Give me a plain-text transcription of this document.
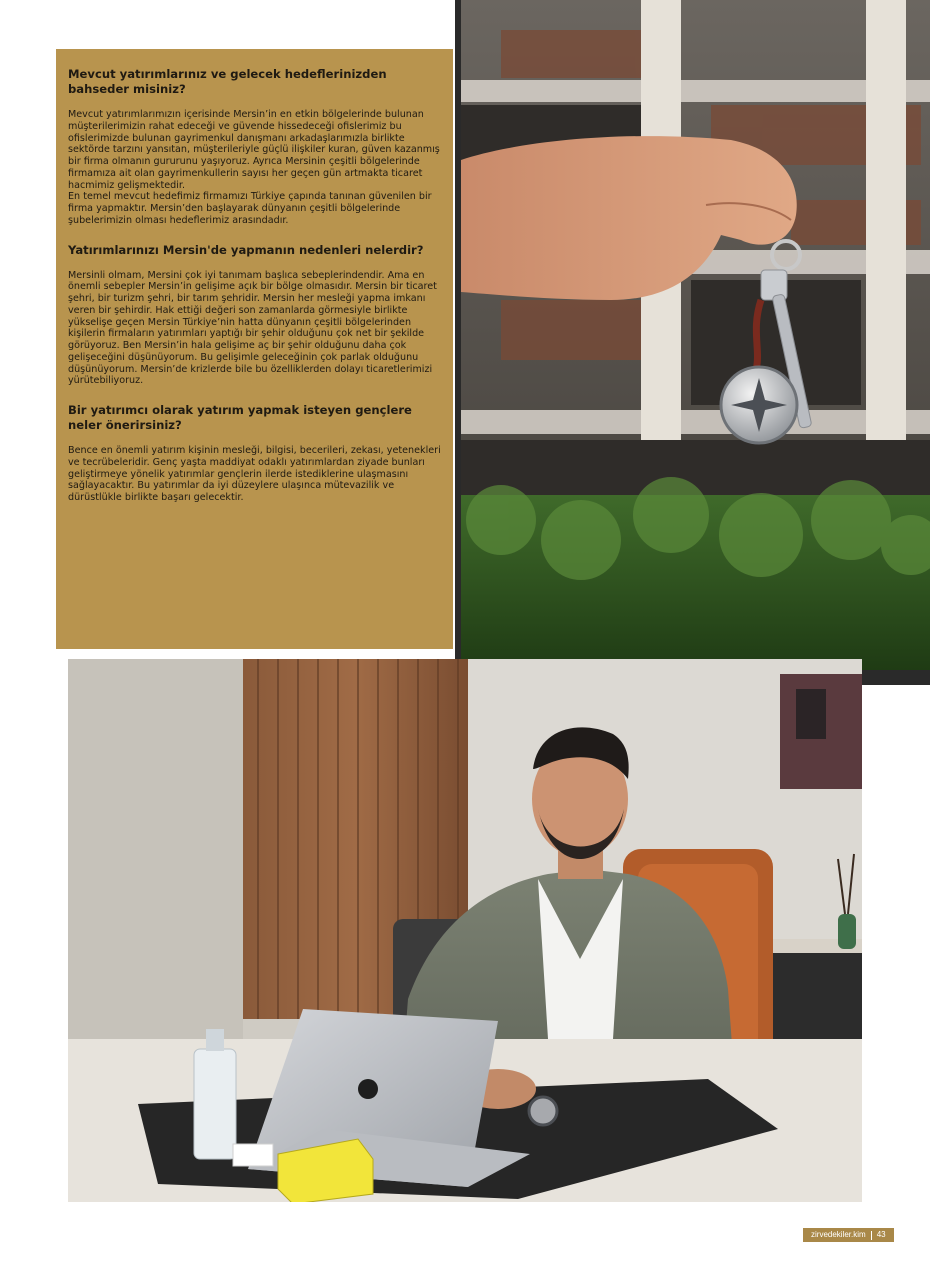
Mevcut yatırımlarınız ve gelecek hedeflerinizden bahseder misiniz?

Mevcut yatırımlarımızın içerisinde Mersin’in en etkin bölgelerinde bulunan müşterilerimizin rahat edeceği ve güvende hissedeceği ofislerimiz bu ofislerimizde bulunan gayrimenkul danışmanı arkadaşlarımızla birlikte sektörde tarzını yansıtan, müşterileriyle güçlü ilişkiler kuran, güven kazanmış bir firma olmanın gururunu yaşıyoruz. Ayrıca Mersinin çeşitli bölgelerinde firmamıza ait olan gayrimenkullerin sayısı her geçen gün artmakta ticaret hacmimiz gelişmektedir.
En temel mevcut hedefimiz firmamızı Türkiye çapında tanınan güvenilen bir firma yapmaktır. Mersin’den başlayarak dünyanın çeşitli bölgelerinde şubelerimizin olması hedeflerimiz arasındadır.

Yatırımlarınızı Mersin'de yapmanın nedenleri nelerdir?

Mersinli olmam, Mersini çok iyi tanımam başlıca sebeplerindendir. Ama en önemli sebepler Mersin’in gelişime açık bir bölge olmasıdır. Mersin bir ticaret şehri, bir turizm şehri, bir tarım şehridir. Mersin her mesleği yapma imkanı veren bir şehirdir. Hak ettiği değeri son zamanlarda görmesiyle birlikte yükselişe geçen Mersin Türkiye’nin hatta dünyanın çeşitli bölgelerinden kişilerin firmaların yatırımları yaptığı bir şehir olduğunu çok net bir şekilde görüyoruz. Ben Mersin’in hala gelişime aç bir şehir olduğunu daha çok gelişeceğini düşünüyorum. Bu gelişimle geleceğinin çok parlak olduğunu düşünüyorum. Mersin’de krizlerde bile bu özelliklerden dolayı ticaretlerimizi yürütebiliyoruz.

Bir yatırımcı olarak yatırım yapmak isteyen gençlere neler önerirsiniz?

Bence en önemli yatırım kişinin mesleği, bilgisi, becerileri, zekası, yetenekleri ve tecrübeleridir. Genç yaşta maddiyat odaklı yatırımlardan ziyade bunları geliştirmeye yönelik yatırımlar gençlerin ilerde istediklerine ulaşmasını sağlayacaktır. Bu yatırımlar da iyi düzeylere ulaşınca mütevazilik ve dürüstlükle birlikte başarı gelecektir.

zirvedekiler.kim 43
